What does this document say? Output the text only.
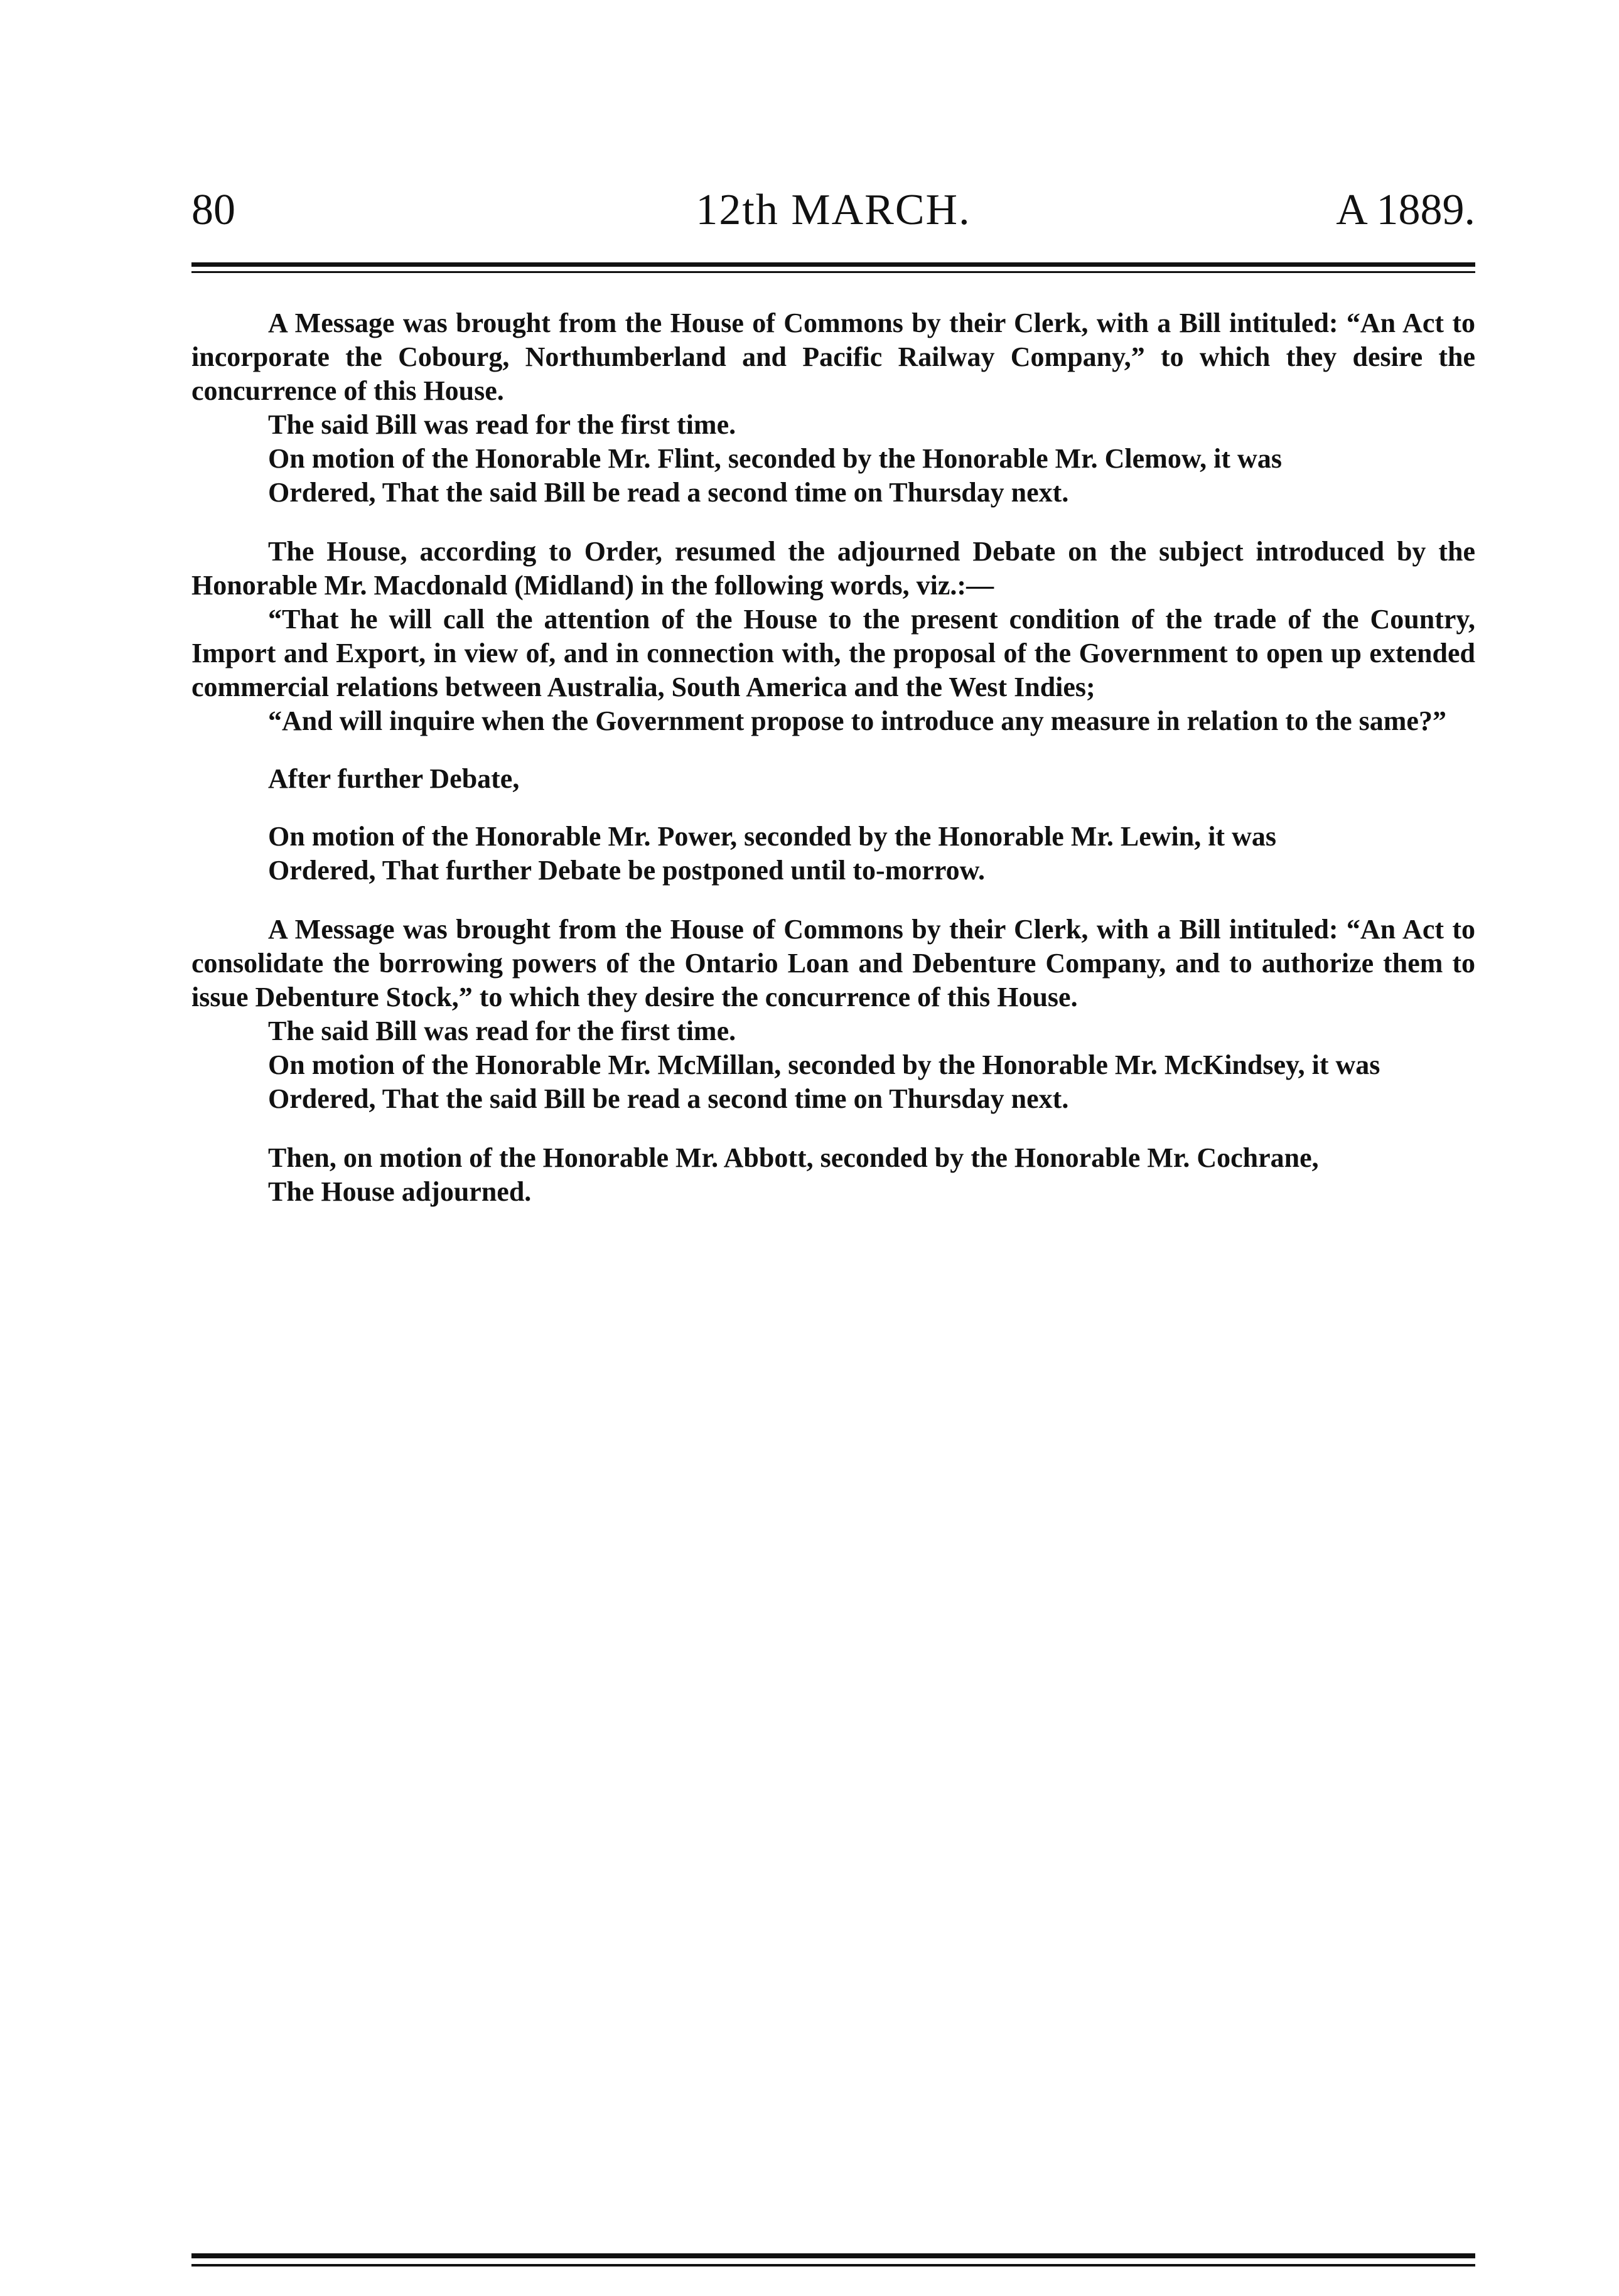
80	12th MARCH.	A 1889.

A Message was brought from the House of Commons by their Clerk, with a Bill intituled: “An Act to incorporate the Cobourg, Northumberland and Pacific Railway Company,” to which they desire the concurrence of this House.

The said Bill was read for the first time.

On motion of the Honorable Mr. Flint, seconded by the Honorable Mr. Clemow, it was

Ordered, That the said Bill be read a second time on Thursday next.

The House, according to Order, resumed the adjourned Debate on the subject introduced by the Honorable Mr. Macdonald (Midland) in the following words, viz.:—

“That he will call the attention of the House to the present condition of the trade of the Country, Import and Export, in view of, and in connection with, the proposal of the Government to open up extended commercial relations between Australia, South America and the West Indies;

“And will inquire when the Government propose to introduce any measure in relation to the same?”

After further Debate,

On motion of the Honorable Mr. Power, seconded by the Honorable Mr. Lewin, it was

Ordered, That further Debate be postponed until to-morrow.

A Message was brought from the House of Commons by their Clerk, with a Bill intituled: “An Act to consolidate the borrowing powers of the Ontario Loan and Debenture Company, and to authorize them to issue Debenture Stock,” to which they desire the concurrence of this House.

The said Bill was read for the first time.

On motion of the Honorable Mr. McMillan, seconded by the Honorable Mr. McKindsey, it was

Ordered, That the said Bill be read a second time on Thursday next.

Then, on motion of the Honorable Mr. Abbott, seconded by the Honorable Mr. Cochrane,

The House adjourned.
